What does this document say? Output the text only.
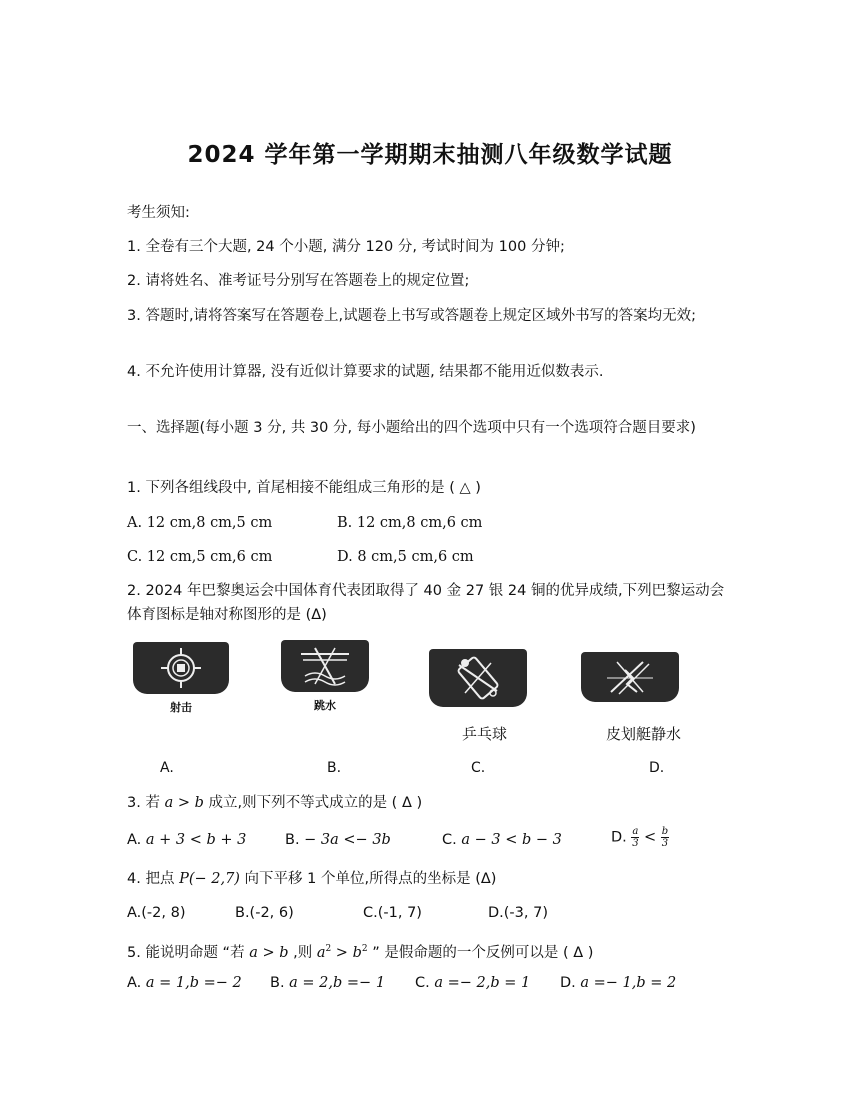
2024 学年第一学期期末抽测八年级数学试题
考生须知:
1. 全卷有三个大题, 24 个小题, 满分 120 分, 考试时间为 100 分钟;
2. 请将姓名、准考证号分别写在答题卷上的规定位置;
3. 答题时,请将答案写在答题卷上,试题卷上书写或答题卷上规定区域外书写的答案均无效;
4. 不允许使用计算器, 没有近似计算要求的试题, 结果都不能用近似数表示.
一、选择题(每小题 3 分, 共 30 分, 每小题给出的四个选项中只有一个选项符合题目要求)
1. 下列各组线段中, 首尾相接不能组成三角形的是 ( △ )
A. 12 cm,8 cm,5 cm	B. 12 cm,8 cm,6 cm
C. 12 cm,5 cm,6 cm	D. 8 cm,5 cm,6 cm
2. 2024 年巴黎奥运会中国体育代表团取得了 40 金 27 银 24 铜的优异成绩,下列巴黎运动会体育图标是轴对称图形的是 (Δ)
射击	跳水
乒乓球	皮划艇静水
A.	B.	C.	D.
3. 若 a > b 成立,则下列不等式成立的是 ( Δ )
A. a + 3 < b + 3	B. − 3a <− 3b	C. a − 3 < b − 3	D. $\frac{a}{3} < \frac{b}{3}$
4. 把点 P(− 2,7) 向下平移 1 个单位,所得点的坐标是 (Δ)
A.(-2, 8)	B.(-2, 6)	C.(-1, 7)	D.(-3, 7)
5. 能说明命题 “若 a > b ,则 $a^2 > b^2$ ” 是假命题的一个反例可以是 ( Δ )
A. a = 1,b =− 2 B. a = 2,b =− 1 C. a =− 2,b = 1 D. a =− 1,b = 2
